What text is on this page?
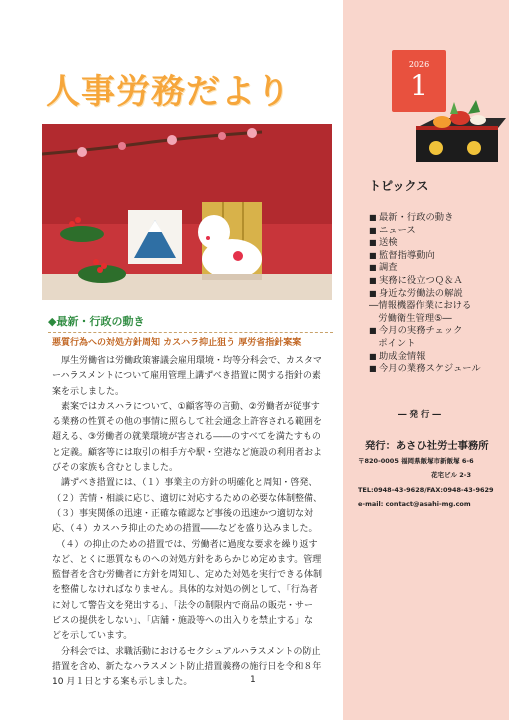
人事労務だより
2026
1
トピックス
■ 最新・行政の動き
■ ニュース
■ 送検
■ 監督指導動向
■ 調査
■ 実務に役立つＱ＆Ａ
■ 身近な労働法の解説
―情報機器作業における
　労働衛生管理⑤―
■ 今月の実務チェック
　ポイント
■ 助成金情報
■ 今月の業務スケジュール
― 発 行 ―
発行：あさひ社労士事務所
〒820-0005 福岡県飯塚市新飯塚 6-6
花宅ビル 2-3
TEL:0948-43-9628/FAX:0948-43-9629
e-mail: contact@asahi-mg.com
◆最新・行政の動き
悪質行為への対処方針周知 カスハラ抑止狙う 厚労省指針案案

　厚生労働省は労働政策審議会雇用環境・均等分科会で、カスタマ

ーハラスメントについて雇用管理上講ずべき措置に関する指針の素

案を示しました。

　素案ではカスハラについて、①顧客等の言動、②労働者が従事す

る業務の性質その他の事情に照らして社会通念上許容される範囲を

超える、③労働者の就業環境が害される――のすべてを満たすもの

と定義。顧客等には取引の相手方や駅・空港など施設の利用者およ

びその家族も含むとしました。

　講ずべき措置には、（１）事業主の方針の明確化と周知・啓発、

（２）苦情・相談に応じ、適切に対応するための必要な体制整備、

（３）事実関係の迅速・正確な確認など事後の迅速かつ適切な対

応、（４）カスハラ抑止のための措置――などを盛り込みました。

　（４）の抑止のための措置では、労働者に過度な要求を繰り返す

など、とくに悪質なものへの対処方針をあらかじめ定めます。管理

監督者を含む労働者に方針を周知し、定めた対処を実行できる体制

を整備しなければなりません。具体的な対処の例として、「行為者

に対して警告文を発出する」、「法令の制限内で商品の販売・サー

ビスの提供をしない」、「店舗・施設等への出入りを禁止する」な

どを示しています。

　分科会では、求職活動におけるセクシュアルハラスメントの防止

措置を含め、新たなハラスメント防止措置義務の施行日を令和８年

10 月１日とする案も示しました。	1
